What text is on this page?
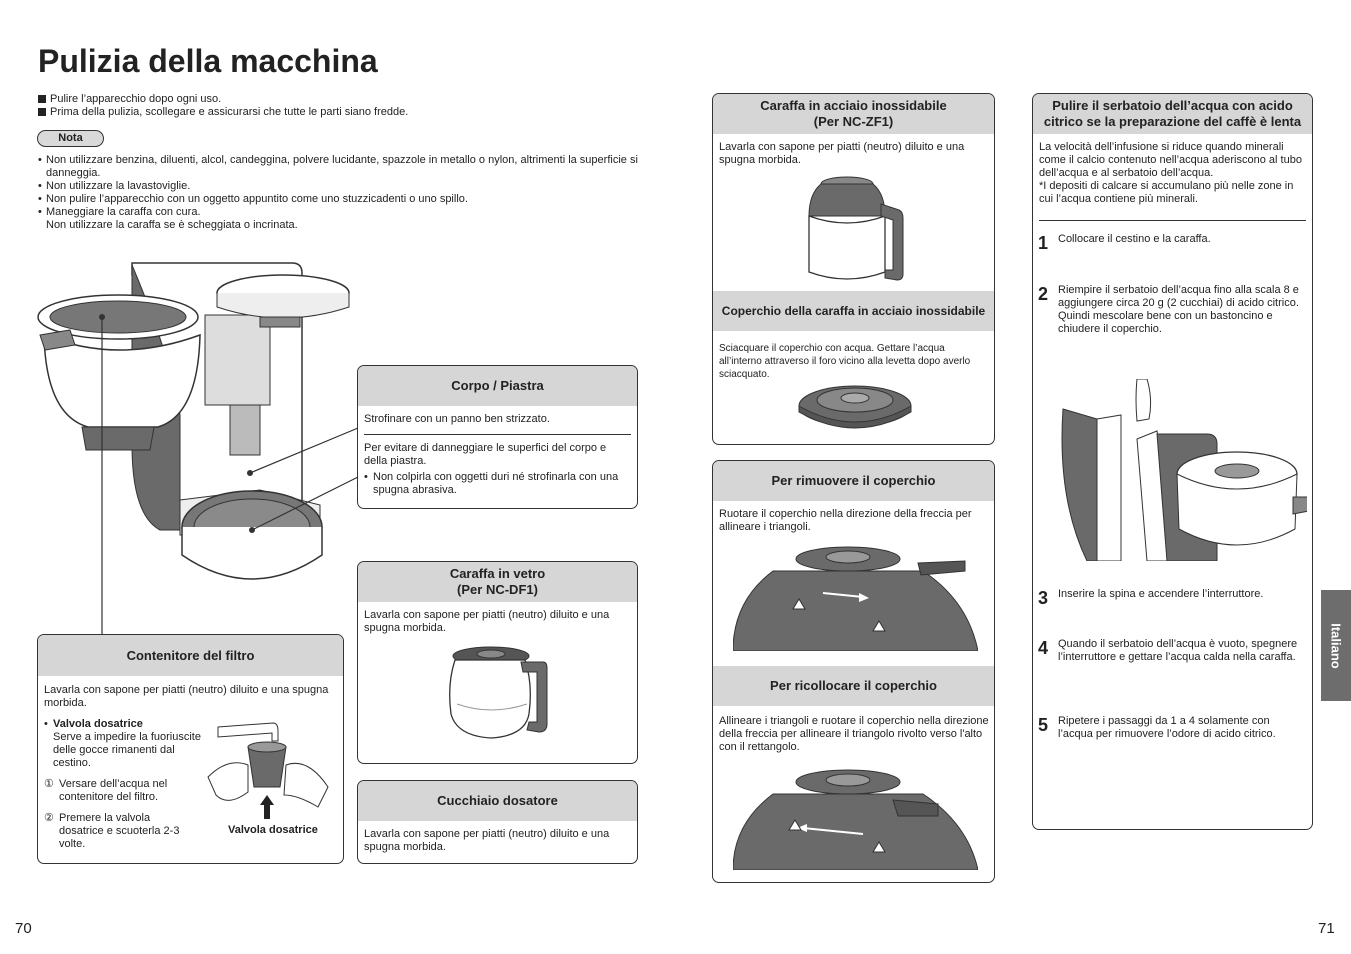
Pulizia della macchina
Pulire l’apparecchio dopo ogni uso.
Prima della pulizia, scollegare e assicurarsi che tutte le parti siano fredde.
Nota
• Non utilizzare benzina, diluenti, alcol, candeggina, polvere lucidante, spazzole in metallo o nylon, altrimenti la superficie si danneggia.
• Non utilizzare la lavastoviglie.
• Non pulire l’apparecchio con un oggetto appuntito come uno stuzzicadenti o uno spillo.
• Maneggiare la caraffa con cura.
Non utilizzare la caraffa se è scheggiata o incrinata.
Contenitore del filtro
Lavarla con sapone per piatti (neutro) diluito e una spugna morbida.
• Valvola dosatrice
Serve a impedire la fuoriuscite delle gocce rimanenti dal cestino.
① Versare dell’acqua nel contenitore del filtro.
② Premere la valvola dosatrice e scuoterla 2-3 volte.
Valvola dosatrice
Corpo / Piastra
Strofinare con un panno ben strizzato.
Per evitare di danneggiare le superfici del corpo e della piastra.
• Non colpirla con oggetti duri né strofinarla con una spugna abrasiva.
Caraffa in vetro
(Per NC-DF1)
Lavarla con sapone per piatti (neutro) diluito e una spugna morbida.
Cucchiaio dosatore
Lavarla con sapone per piatti (neutro) diluito e una spugna morbida.
70
Caraffa in acciaio inossidabile
(Per NC-ZF1)
Lavarla con sapone per piatti (neutro) diluito e una spugna morbida.
Coperchio della caraffa in acciaio inossidabile
Sciacquare il coperchio con acqua. Gettare l’acqua all’interno attraverso il foro vicino alla levetta dopo averlo sciacquato.
Per rimuovere il coperchio
Ruotare il coperchio nella direzione della freccia per allineare i triangoli.
Per ricollocare il coperchio
Allineare i triangoli e ruotare il coperchio nella direzione della freccia per allineare il triangolo rivolto verso l'alto con il rettangolo.
Pulire il serbatoio dell’acqua con acido
citrico se la preparazione del caffè è lenta
La velocità dell’infusione si riduce quando minerali come il calcio contenuto nell’acqua aderiscono al tubo dell’acqua e al serbatoio dell’acqua.
*I depositi di calcare si accumulano più nelle zone in cui l’acqua contiene più minerali.
1 Collocare il cestino e la caraffa.
2 Riempire il serbatoio dell’acqua fino alla scala 8 e aggiungere circa 20 g (2 cucchiai) di acido citrico.
Quindi mescolare bene con un bastoncino e chiudere il coperchio.
3 Inserire la spina e accendere l’interruttore.
4 Quando il serbatoio dell’acqua è vuoto, spegnere l’interruttore e gettare l’acqua calda nella caraffa.
5 Ripetere i passaggi da 1 a 4 solamente con l’acqua per rimuovere l’odore di acido citrico.
Italiano
71
